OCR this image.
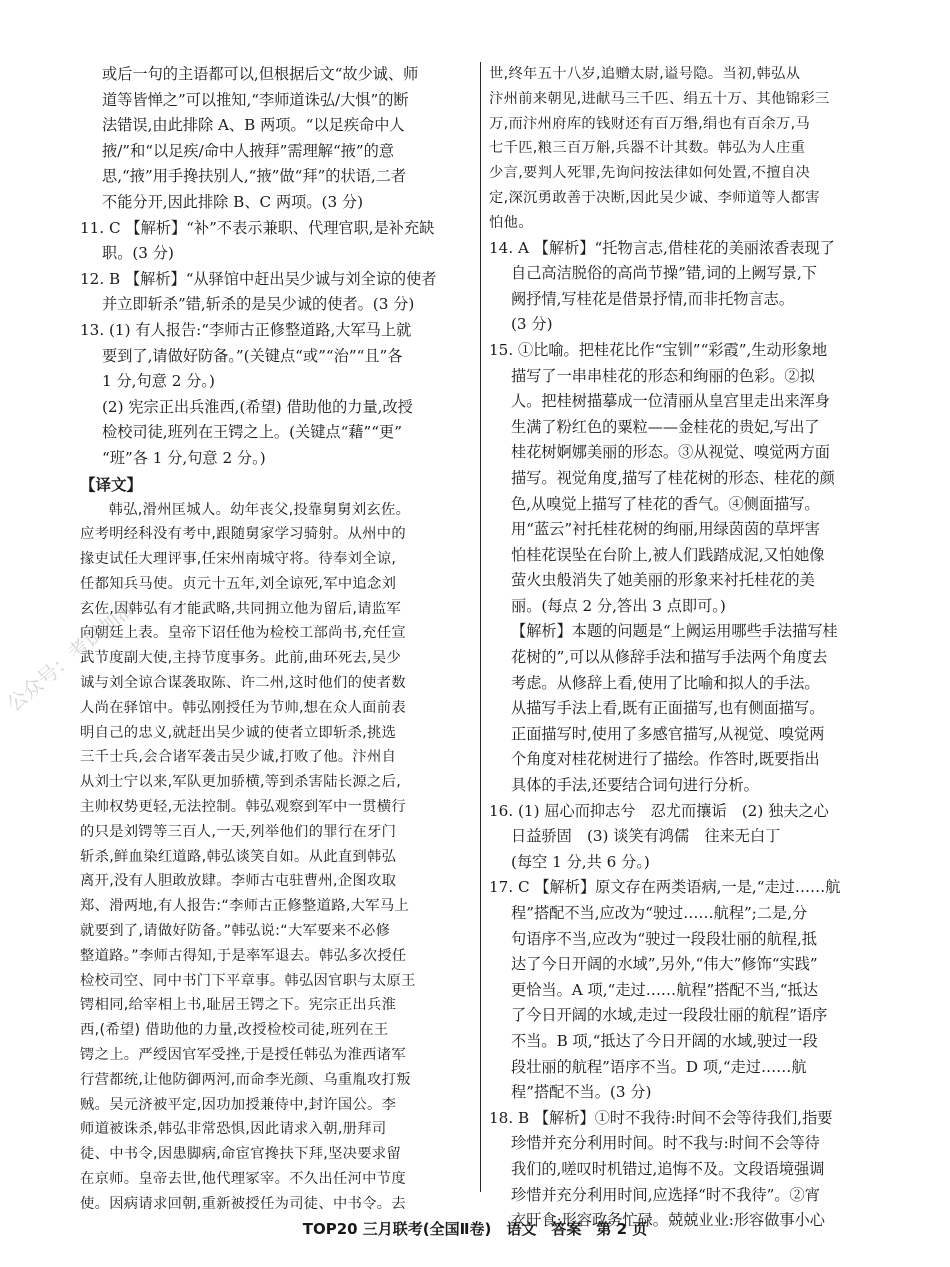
或后一句的主语都可以,但根据后文“故少诚、师
道等皆惮之”可以推知,“李师道诛弘/大惧”的断
法错误,由此排除 A、B 两项。“以足疾命中人
掖/”和“以足疾/命中人掖拜”需理解“掖”的意
思,“掖”用手搀扶别人,“掖”做“拜”的状语,二者
不能分开,因此排除 B、C 两项。(3 分)
11. C 【解析】“补”不表示兼职、代理官职,是补充缺
职。(3 分)
12. B 【解析】“从驿馆中赶出吴少诚与刘全谅的使者
并立即斩杀”错,斩杀的是吴少诚的使者。(3 分)
13. (1) 有人报告:“李师古正修整道路,大军马上就
要到了,请做好防备。”(关键点“或”“治”“且”各
1 分,句意 2 分。)
(2) 宪宗正出兵淮西,(希望) 借助他的力量,改授
检校司徒,班列在王锷之上。(关键点“藉”“更”
“班”各 1 分,句意 2 分。)
【译文】
韩弘,滑州匡城人。幼年丧父,投靠舅舅刘玄佐。
应考明经科没有考中,跟随舅家学习骑射。从州中的
掾吏试任大理评事,任宋州南城守将。待奉刘全谅,
任都知兵马使。贞元十五年,刘全谅死,军中追念刘
玄佐,因韩弘有才能武略,共同拥立他为留后,请监军
向朝廷上表。皇帝下诏任他为检校工部尚书,充任宣
武节度副大使,主持节度事务。此前,曲环死去,吴少
诚与刘全谅合谋袭取陈、许二州,这时他们的使者数
人尚在驿馆中。韩弘刚授任为节帅,想在众人面前表
明自己的忠义,就赶出吴少诚的使者立即斩杀,挑选
三千士兵,会合诸军袭击吴少诚,打败了他。汴州自
从刘士宁以来,军队更加骄横,等到杀害陆长源之后,
主帅权势更轻,无法控制。韩弘观察到军中一贯横行
的只是刘锷等三百人,一天,列举他们的罪行在牙门
斩杀,鲜血染红道路,韩弘谈笑自如。从此直到韩弘
离开,没有人胆敢放肆。李师古屯驻曹州,企图攻取
郑、滑两地,有人报告:“李师古正修整道路,大军马上
就要到了,请做好防备。”韩弘说:“大军要来不必修
整道路。”李师古得知,于是率军退去。韩弘多次授任
检校司空、同中书门下平章事。韩弘因官职与太原王
锷相同,给宰相上书,耻居王锷之下。宪宗正出兵淮
西,(希望) 借助他的力量,改授检校司徒,班列在王
锷之上。严绶因官军受挫,于是授任韩弘为淮西诸军
行营都统,让他防御两河,而命李光颜、乌重胤攻打叛
贼。吴元济被平定,因功加授兼侍中,封许国公。李
师道被诛杀,韩弘非常恐惧,因此请求入朝,册拜司
徒、中书令,因患脚病,命宦官搀扶下拜,坚决要求留
在京师。皇帝去世,他代理冢宰。不久出任河中节度
使。因病请求回朝,重新被授任为司徒、中书令。去
世,终年五十八岁,追赠太尉,谥号隐。当初,韩弘从
汴州前来朝见,进献马三千匹、绢五十万、其他锦彩三
万,而汴州府库的钱财还有百万缗,绢也有百余万,马
七千匹,粮三百万斛,兵器不计其数。韩弘为人庄重
少言,要判人死罪,先询问按法律如何处置,不擅自决
定,深沉勇敢善于决断,因此吴少诚、李师道等人都害
怕他。
14. A 【解析】“托物言志,借桂花的美丽浓香表现了
自己高洁脱俗的高尚节操”错,词的上阙写景,下
阙抒情,写桂花是借景抒情,而非托物言志。
(3 分)
15. ①比喻。把桂花比作“宝钏”“彩霞”,生动形象地
描写了一串串桂花的形态和绚丽的色彩。②拟
人。把桂树描摹成一位清丽从皇宫里走出来浑身
生满了粉红色的粟粒——金桂花的贵妃,写出了
桂花树婀娜美丽的形态。③从视觉、嗅觉两方面
描写。视觉角度,描写了桂花树的形态、桂花的颜
色,从嗅觉上描写了桂花的香气。④侧面描写。
用“蓝云”衬托桂花树的绚丽,用绿茵茵的草坪害
怕桂花误坠在台阶上,被人们践踏成泥,又怕她像
萤火虫般消失了她美丽的形象来衬托桂花的美
丽。(每点 2 分,答出 3 点即可。)
【解析】本题的问题是“上阙运用哪些手法描写桂
花树的”,可以从修辞手法和描写手法两个角度去
考虑。从修辞上看,使用了比喻和拟人的手法。
从描写手法上看,既有正面描写,也有侧面描写。
正面描写时,使用了多感官描写,从视觉、嗅觉两
个角度对桂花树进行了描绘。作答时,既要指出
具体的手法,还要结合词句进行分析。
16. (1) 屈心而抑志兮　忍尤而攘诟　(2) 独夫之心
日益骄固　(3) 谈笑有鸿儒　往来无白丁
(每空 1 分,共 6 分。)
17. C 【解析】原文存在两类语病,一是,“走过……航
程”搭配不当,应改为“驶过……航程”;二是,分
句语序不当,应改为“驶过一段段壮丽的航程,抵
达了今日开阔的水域”,另外,“伟大”修饰“实践”
更恰当。A 项,“走过……航程”搭配不当,“抵达
了今日开阔的水域,走过一段段壮丽的航程”语序
不当。B 项,“抵达了今日开阔的水域,驶过一段
段壮丽的航程”语序不当。D 项,“走过……航
程”搭配不当。(3 分)
18. B 【解析】①时不我待:时间不会等待我们,指要
珍惜并充分利用时间。时不我与:时间不会等待
我们的,嗟叹时机错过,追悔不及。文段语境强调
珍惜并充分利用时间,应选择“时不我待”。②宵
衣旰食:形容政务忙碌。兢兢业业:形容做事小心
公众号：考试加油
TOP20 三月联考(全国Ⅱ卷)　语文　答案　第 2 页
